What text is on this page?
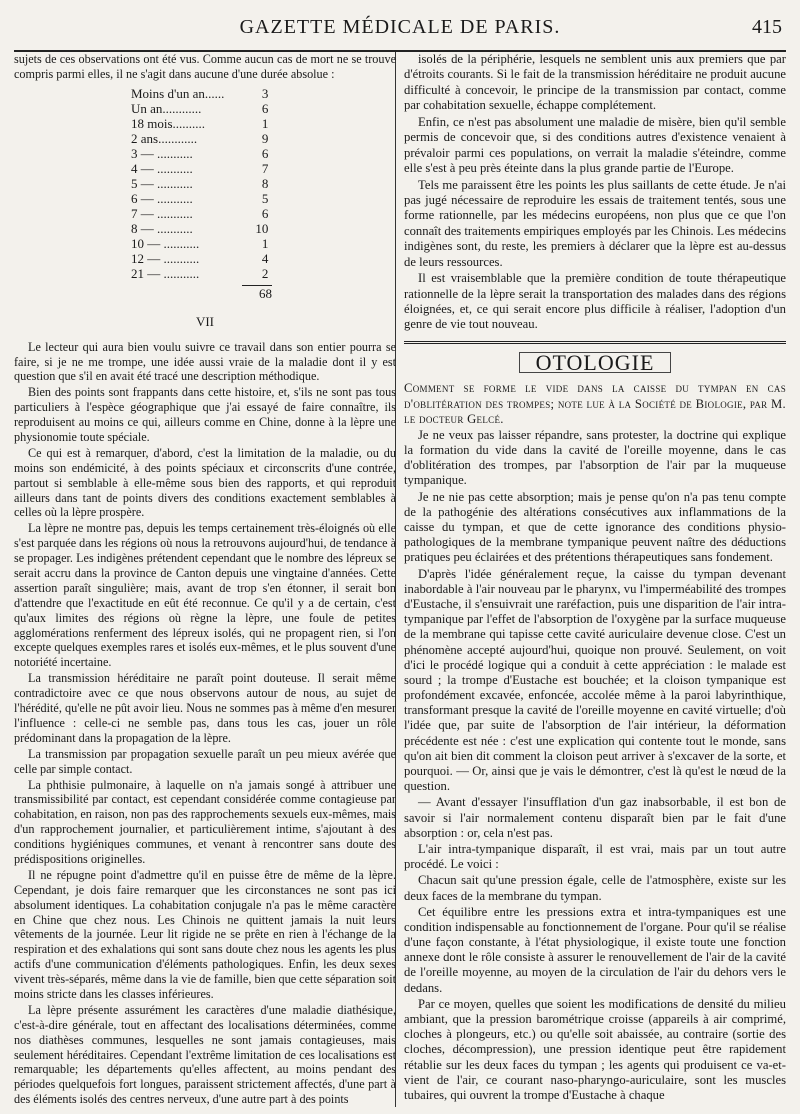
GAZETTE MÉDICALE DE PARIS.	415

sujets de ces observations ont été vus. Comme aucun cas de mort ne se trouve compris parmi elles, il ne s'agit dans aucune d'une durée absolue :

Moins d'un an......	3
Un an............	6
18 mois..........	1
2 ans............	9
3 — ...........	6
4 — ...........	7
5 — ...........	8
6 — ...........	5
7 — ...........	6
8 — ...........	10
10 — ...........	1
12 — ...........	4
21 — ...........	2
68
VII

Le lecteur qui aura bien voulu suivre ce travail dans son entier pourra se faire, si je ne me trompe, une idée aussi vraie de la maladie dont il y est question que s'il en avait été tracé une description méthodique.

Bien des points sont frappants dans cette histoire, et, s'ils ne sont pas tous particuliers à l'espèce géographique que j'ai essayé de faire connaître, ils reproduisent au moins ce qui, ailleurs comme en Chine, donne à la lèpre une physionomie toute spéciale.

Ce qui est à remarquer, d'abord, c'est la limitation de la maladie, ou du moins son endémicité, à des points spéciaux et circonscrits d'une contrée, partout si semblable à elle-même sous bien des rapports, et qui reproduit ailleurs dans tant de points divers des conditions exactement semblables à celles où la lèpre prospère.

La lèpre ne montre pas, depuis les temps certainement très-éloignés où elle s'est parquée dans les régions où nous la retrouvons aujourd'hui, de tendance à se propager. Les indigènes prétendent cependant que le nombre des lépreux se serait accru dans la province de Canton depuis une vingtaine d'années. Cette assertion paraît singulière; mais, avant de trop s'en étonner, il serait bon d'attendre que l'exactitude en eût été reconnue. Ce qu'il y a de certain, c'est qu'aux limites des régions où règne la lèpre, une foule de petites agglomérations renferment des lépreux isolés, qui ne propagent rien, si l'on excepte quelques exemples rares et isolés eux-mêmes, et le plus souvent d'une notoriété incertaine.

La transmission héréditaire ne paraît point douteuse. Il serait même contradictoire avec ce que nous observons autour de nous, au sujet de l'hérédité, qu'elle ne pût avoir lieu. Nous ne sommes pas à même d'en mesurer l'influence : celle-ci ne semble pas, dans tous les cas, jouer un rôle prédominant dans la propagation de la lèpre.

La transmission par propagation sexuelle paraît un peu mieux avérée que celle par simple contact.

La phthisie pulmonaire, à laquelle on n'a jamais songé à attribuer une transmissibilité par contact, est cependant considérée comme contagieuse par cohabitation, en raison, non pas des rapprochements sexuels eux-mêmes, mais d'un rapprochement journalier, et particulièrement intime, s'ajoutant à des conditions hygiéniques communes, et venant à rencontrer sans doute des prédispositions originelles.

Il ne répugne point d'admettre qu'il en puisse être de même de la lèpre. Cependant, je dois faire remarquer que les circonstances ne sont pas ici absolument identiques. La cohabitation conjugale n'a pas le même caractère en Chine que chez nous. Les Chinois ne quittent jamais la nuit leurs vêtements de la journée. Leur lit rigide ne se prête en rien à l'échange de la respiration et des exhalations qui sont sans doute chez nous les agents les plus actifs d'une communication d'éléments pathologiques. Enfin, les deux sexes vivent très-séparés, même dans la vie de famille, bien que cette séparation soit moins stricte dans les classes inférieures.

La lèpre présente assurément les caractères d'une maladie diathésique, c'est-à-dire générale, tout en affectant des localisations déterminées, comme nos diathèses communes, lesquelles ne sont jamais contagieuses, mais seulement héréditaires. Cependant l'extrême limitation de ces localisations est remarquable; les départements qu'elles affectent, au moins pendant des périodes quelquefois fort longues, paraissent strictement affectés, d'une part à des éléments isolés des centres nerveux, d'une autre part à des points

isolés de la périphérie, lesquels ne semblent unis aux premiers que par d'étroits courants. Si le fait de la transmission héréditaire ne produit aucune difficulté à concevoir, le principe de la transmission par contact, comme par cohabitation sexuelle, échappe complétement.

Enfin, ce n'est pas absolument une maladie de misère, bien qu'il semble permis de concevoir que, si des conditions autres d'existence venaient à prévaloir parmi ces populations, on verrait la maladie s'éteindre, comme elle s'est à peu près éteinte dans la plus grande partie de l'Europe.

Tels me paraissent être les points les plus saillants de cette étude. Je n'ai pas jugé nécessaire de reproduire les essais de traitement tentés, sous une forme rationnelle, par les médecins européens, non plus que ce que l'on connaît des traitements empiriques employés par les Chinois. Les médecins indigènes sont, du reste, les premiers à déclarer que la lèpre est au-dessus de leurs ressources.

Il est vraisemblable que la première condition de toute thérapeutique rationnelle de la lèpre serait la transportation des malades dans des régions éloignées, et, ce qui serait encore plus difficile à réaliser, l'adoption d'un genre de vie tout nouveau.

OTOLOGIE

Comment se forme le vide dans la caisse du tympan en cas d'oblitération des trompes; note lue à la Société de Biologie, par M. le docteur Gelcé.

Je ne veux pas laisser répandre, sans protester, la doctrine qui explique la formation du vide dans la cavité de l'oreille moyenne, dans le cas d'oblitération des trompes, par l'absorption de l'air par la muqueuse tympanique.

Je ne nie pas cette absorption; mais je pense qu'on n'a pas tenu compte de la pathogénie des altérations consécutives aux inflammations de la caisse du tympan, et que de cette ignorance des conditions physio-pathologiques de la membrane tympanique peuvent naître des déductions pratiques peu éclairées et des prétentions thérapeutiques sans fondement.

D'après l'idée généralement reçue, la caisse du tympan devenant inabordable à l'air nouveau par le pharynx, vu l'imperméabilité des trompes d'Eustache, il s'ensuivrait une raréfaction, puis une disparition de l'air intra-tympanique par l'effet de l'absorption de l'oxygène par la surface muqueuse de la membrane qui tapisse cette cavité auriculaire devenue close. C'est un phénomène accepté aujourd'hui, quoique non prouvé. Seulement, on voit d'ici le procédé logique qui a conduit à cette appréciation : le malade est sourd ; la trompe d'Eustache est bouchée; et la cloison tympanique est profondément excavée, enfoncée, accolée même à la paroi labyrinthique, transformant presque la cavité de l'oreille moyenne en cavité virtuelle; d'où l'idée que, par suite de l'absorption de l'air intérieur, la déformation précédente est née : c'est une explication qui contente tout le monde, sans qu'on ait bien dit comment la cloison peut arriver à s'excaver de la sorte, et pourquoi. — Or, ainsi que je vais le démontrer, c'est là qu'est le nœud de la question.

— Avant d'essayer l'insufflation d'un gaz inabsorbable, il est bon de savoir si l'air normalement contenu disparaît bien par le fait d'une absorption : or, cela n'est pas.

L'air intra-tympanique disparaît, il est vrai, mais par un tout autre procédé. Le voici :

Chacun sait qu'une pression égale, celle de l'atmosphère, existe sur les deux faces de la membrane du tympan.

Cet équilibre entre les pressions extra et intra-tympaniques est une condition indispensable au fonctionnement de l'organe. Pour qu'il se réalise d'une façon constante, à l'état physiologique, il existe toute une fonction annexe dont le rôle consiste à assurer le renouvellement de l'air de la cavité de l'oreille moyenne, au moyen de la circulation de l'air du dehors vers le dedans.

Par ce moyen, quelles que soient les modifications de densité du milieu ambiant, que la pression barométrique croisse (appareils à air comprimé, cloches à plongeurs, etc.) ou qu'elle soit abaissée, au contraire (sortie des cloches, décompression), une pression identique peut être rapidement rétablie sur les deux faces du tympan ; les agents qui produisent ce va-et-vient de l'air, ce courant naso-pharyngo-auriculaire, sont les muscles tubaires, qui ouvrent la trompe d'Eustache à chaque
